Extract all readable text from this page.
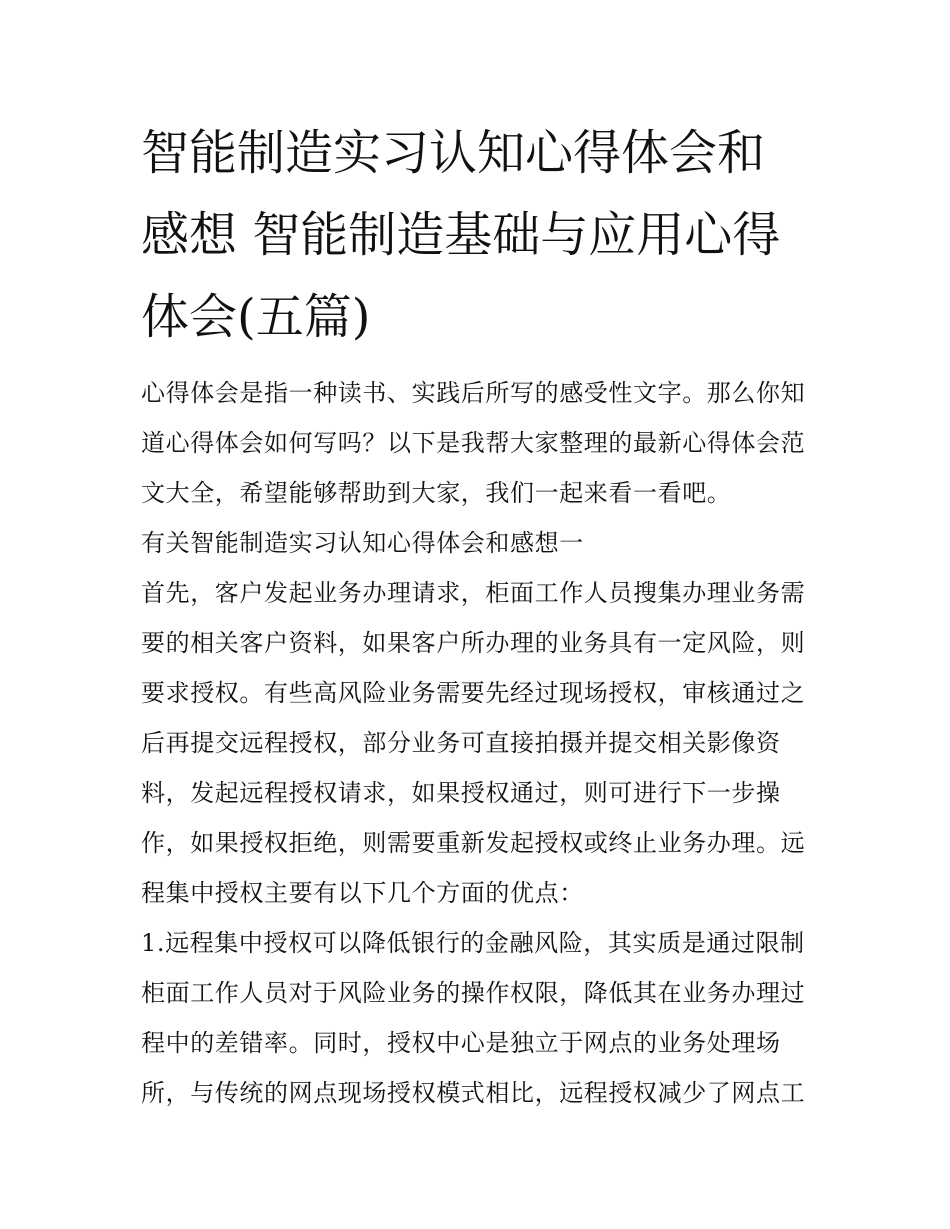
智能制造实习认知心得体会和
感想 智能制造基础与应用心得
体会(五篇)

心得体会是指一种读书、实践后所写的感受性文字。那么你知
道心得体会如何写吗？以下是我帮大家整理的最新心得体会范
文大全，希望能够帮助到大家，我们一起来看一看吧。

有关智能制造实习认知心得体会和感想一

首先，客户发起业务办理请求，柜面工作人员搜集办理业务需
要的相关客户资料，如果客户所办理的业务具有一定风险，则
要求授权。有些高风险业务需要先经过现场授权，审核通过之
后再提交远程授权，部分业务可直接拍摄并提交相关影像资
料，发起远程授权请求，如果授权通过，则可进行下一步操
作，如果授权拒绝，则需要重新发起授权或终止业务办理。远
程集中授权主要有以下几个方面的优点：

1.远程集中授权可以降低银行的金融风险，其实质是通过限制
柜面工作人员对于风险业务的操作权限，降低其在业务办理过
程中的差错率。同时，授权中心是独立于网点的业务处理场
所，与传统的网点现场授权模式相比，远程授权减少了网点工
